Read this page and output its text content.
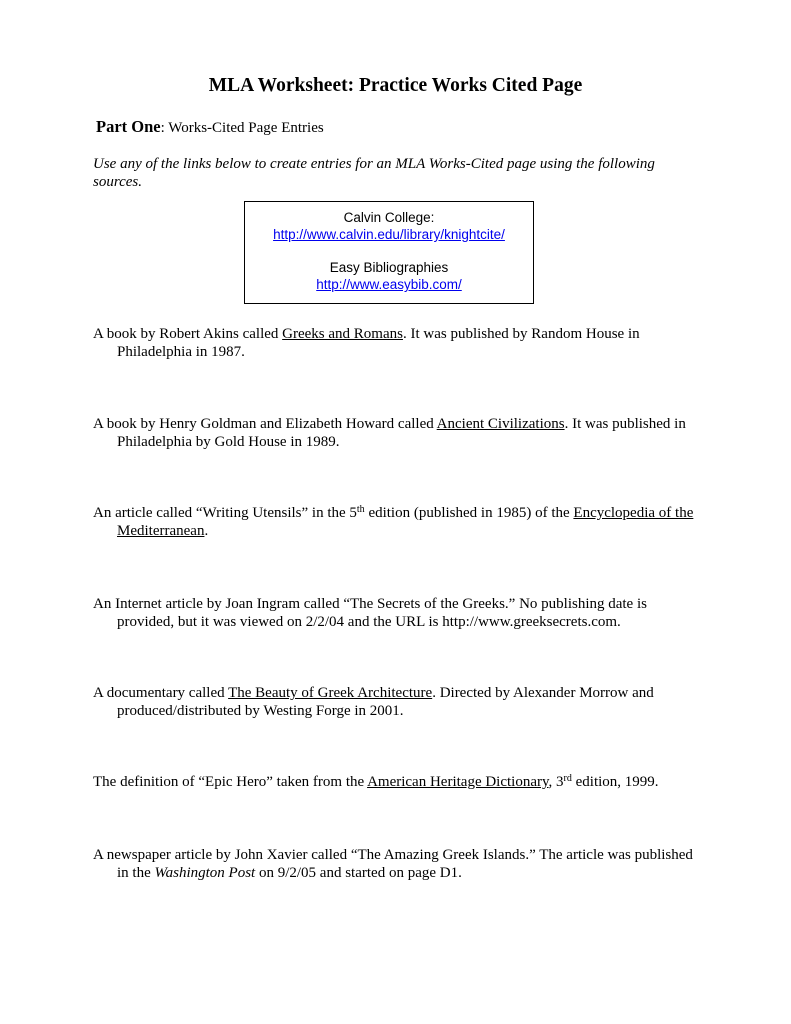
MLA Worksheet: Practice Works Cited Page
Part One: Works-Cited Page Entries

Use any of the links below to create entries for an MLA Works-Cited page using the following sources.

Calvin College:
http://www.calvin.edu/library/knightcite/
Easy Bibliographies
http://www.easybib.com/

A book by Robert Akins called Greeks and Romans. It was published by Random House in Philadelphia in 1987.

A book by Henry Goldman and Elizabeth Howard called Ancient Civilizations. It was published in Philadelphia by Gold House in 1989.

An article called “Writing Utensils” in the 5th edition (published in 1985) of the Encyclopedia of the Mediterranean.

An Internet article by Joan Ingram called “The Secrets of the Greeks.” No publishing date is provided, but it was viewed on 2/2/04 and the URL is http://www.greeksecrets.com.

A documentary called The Beauty of Greek Architecture. Directed by Alexander Morrow and produced/distributed by Westing Forge in 2001.

The definition of “Epic Hero” taken from the American Heritage Dictionary, 3rd edition, 1999.

A newspaper article by John Xavier called “The Amazing Greek Islands.” The article was published in the Washington Post on 9/2/05 and started on page D1.
